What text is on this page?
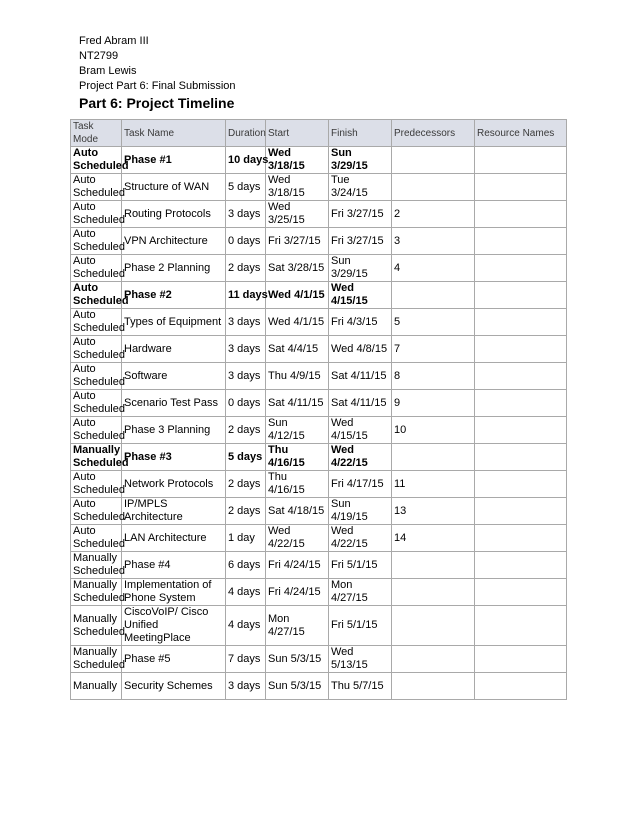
Fred Abram III
NT2799
Bram Lewis
Project Part 6: Final Submission
Part 6: Project Timeline
Task Mode	Task Name	Duration	Start	Finish	Predecessors	Resource Names
Auto Scheduled	Phase #1	10 days	Wed 3/18/15	Sun 3/29/15		
Auto Scheduled	Structure of WAN	5 days	Wed 3/18/15	Tue 3/24/15		
Auto Scheduled	Routing Protocols	3 days	Wed 3/25/15	Fri 3/27/15	2	
Auto Scheduled	VPN Architecture	0 days	Fri 3/27/15	Fri 3/27/15	3	
Auto Scheduled	Phase 2 Planning	2 days	Sat 3/28/15	Sun 3/29/15	4	
Auto Scheduled	Phase #2	11 days	Wed 4/1/15	Wed 4/15/15		
Auto Scheduled	Types of Equipment	3 days	Wed 4/1/15	Fri 4/3/15	5	
Auto Scheduled	Hardware	3 days	Sat 4/4/15	Wed 4/8/15	7	
Auto Scheduled	Software	3 days	Thu 4/9/15	Sat 4/11/15	8	
Auto Scheduled	Scenario Test Pass	0 days	Sat 4/11/15	Sat 4/11/15	9	
Auto Scheduled	Phase 3 Planning	2 days	Sun 4/12/15	Wed 4/15/15	10	
Manually Scheduled	Phase #3	5 days	Thu 4/16/15	Wed 4/22/15		
Auto Scheduled	Network Protocols	2 days	Thu 4/16/15	Fri 4/17/15	11	
Auto Scheduled	IP/MPLS Architecture	2 days	Sat 4/18/15	Sun 4/19/15	13	
Auto Scheduled	LAN Architecture	1 day	Wed 4/22/15	Wed 4/22/15	14	
Manually Scheduled	Phase #4	6 days	Fri 4/24/15	Fri 5/1/15		
Manually Scheduled	Implementation of Phone System	4 days	Fri 4/24/15	Mon 4/27/15		
Manually Scheduled	CiscoVoIP/ Cisco Unified MeetingPlace	4 days	Mon 4/27/15	Fri 5/1/15		
Manually Scheduled	Phase #5	7 days	Sun 5/3/15	Wed 5/13/15		
Manually	Security Schemes	3 days	Sun 5/3/15	Thu 5/7/15		
